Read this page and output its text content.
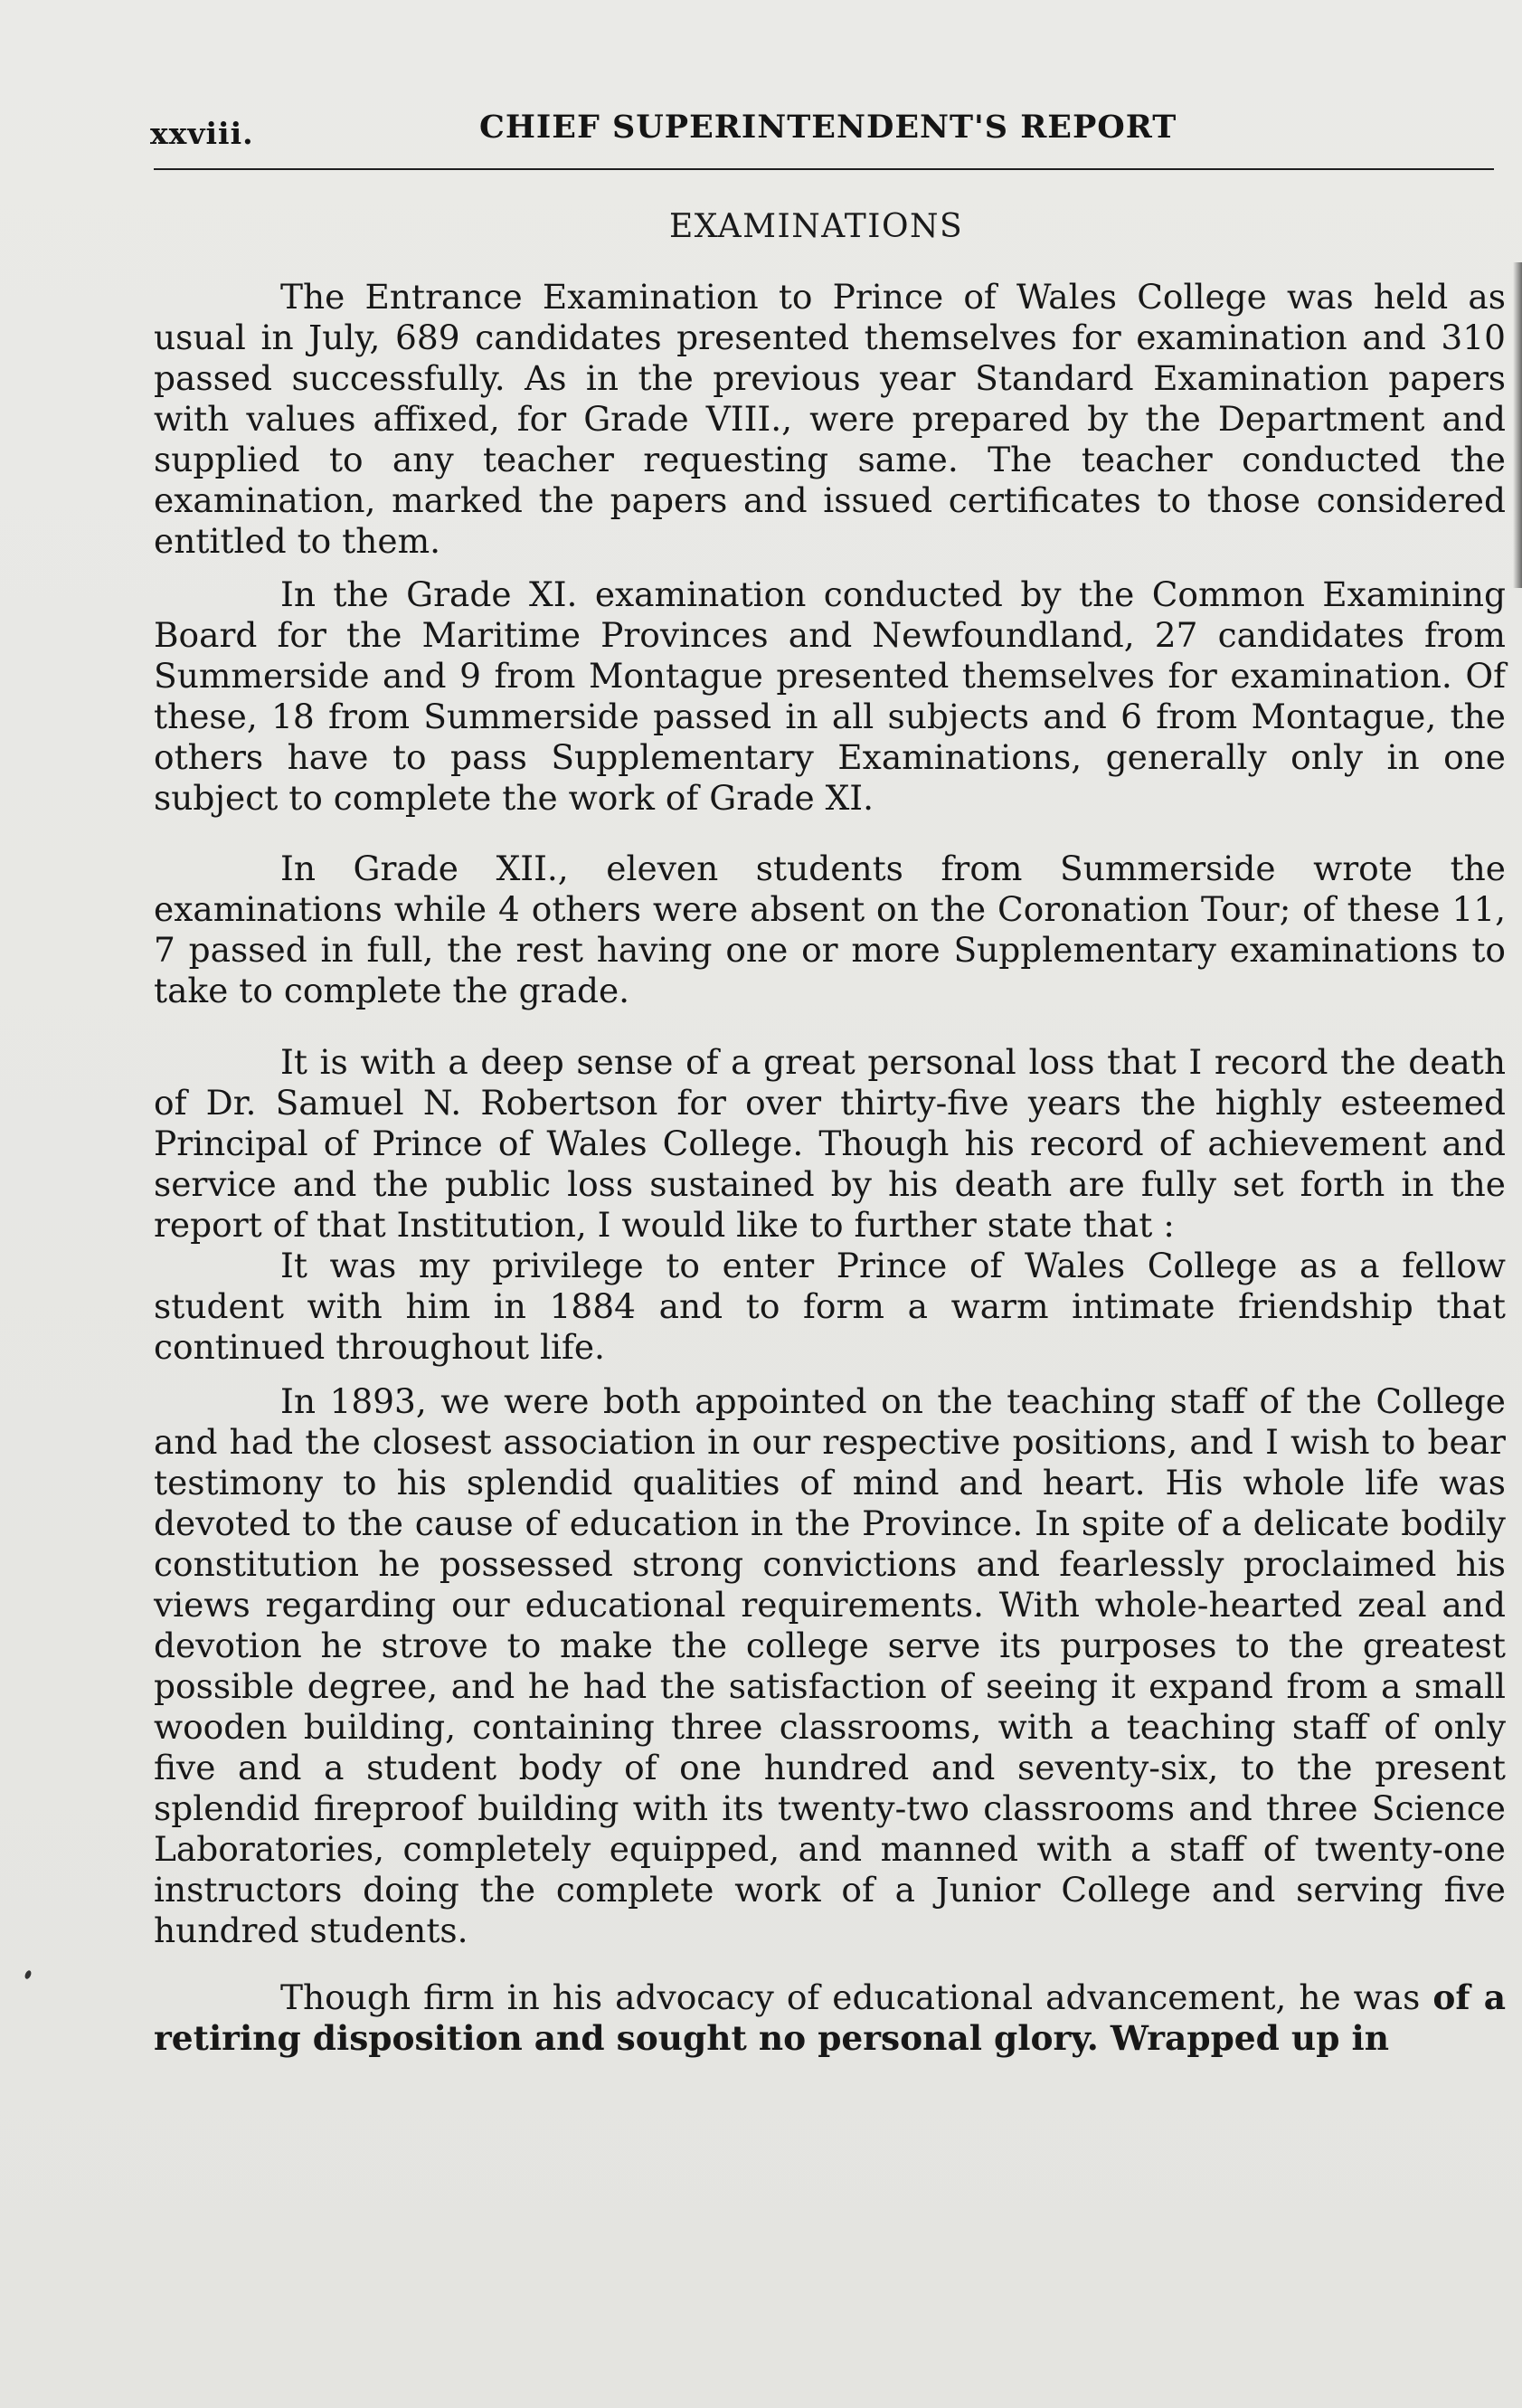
xxviii.	CHIEF SUPERINTENDENT'S REPORT
EXAMINATIONS

The Entrance Examination to Prince of Wales College was held as usual in July, 689 candidates presented themselves for examination and 310 passed successfully. As in the previous year Standard Examination papers with values affixed, for Grade VIII., were prepared by the Department and supplied to any teacher requesting same. The teacher conducted the examination, marked the papers and issued certificates to those considered entitled to them.

In the Grade XI. examination conducted by the Common Examining Board for the Maritime Provinces and Newfoundland, 27 candidates from Summerside and 9 from Montague presented themselves for examination. Of these, 18 from Summerside passed in all subjects and 6 from Montague, the others have to pass Supplementary Examinations, generally only in one subject to complete the work of Grade XI.

In Grade XII., eleven students from Summerside wrote the examinations while 4 others were absent on the Coronation Tour; of these 11, 7 passed in full, the rest having one or more Supplementary examinations to take to complete the grade.

It is with a deep sense of a great personal loss that I record the death of Dr. Samuel N. Robertson for over thirty-five years the highly esteemed Principal of Prince of Wales College. Though his record of achievement and service and the public loss sustained by his death are fully set forth in the report of that Institution, I would like to further state that :

It was my privilege to enter Prince of Wales College as a fellow student with him in 1884 and to form a warm intimate friendship that continued throughout life.

In 1893, we were both appointed on the teaching staff of the College and had the closest association in our respective positions, and I wish to bear testimony to his splendid qualities of mind and heart. His whole life was devoted to the cause of education in the Province. In spite of a delicate bodily constitution he possessed strong convictions and fearlessly proclaimed his views regarding our educational requirements. With whole-hearted zeal and devotion he strove to make the college serve its purposes to the greatest possible degree, and he had the satisfaction of seeing it expand from a small wooden building, containing three classrooms, with a teaching staff of only five and a student body of one hundred and seventy-six, to the present splendid fireproof building with its twenty-two classrooms and three Science Laboratories, completely equipped, and manned with a staff of twenty-one instructors doing the complete work of a Junior College and serving five hundred students.

Though firm in his advocacy of educational advancement, he was of a retiring disposition and sought no personal glory. Wrapped up in
